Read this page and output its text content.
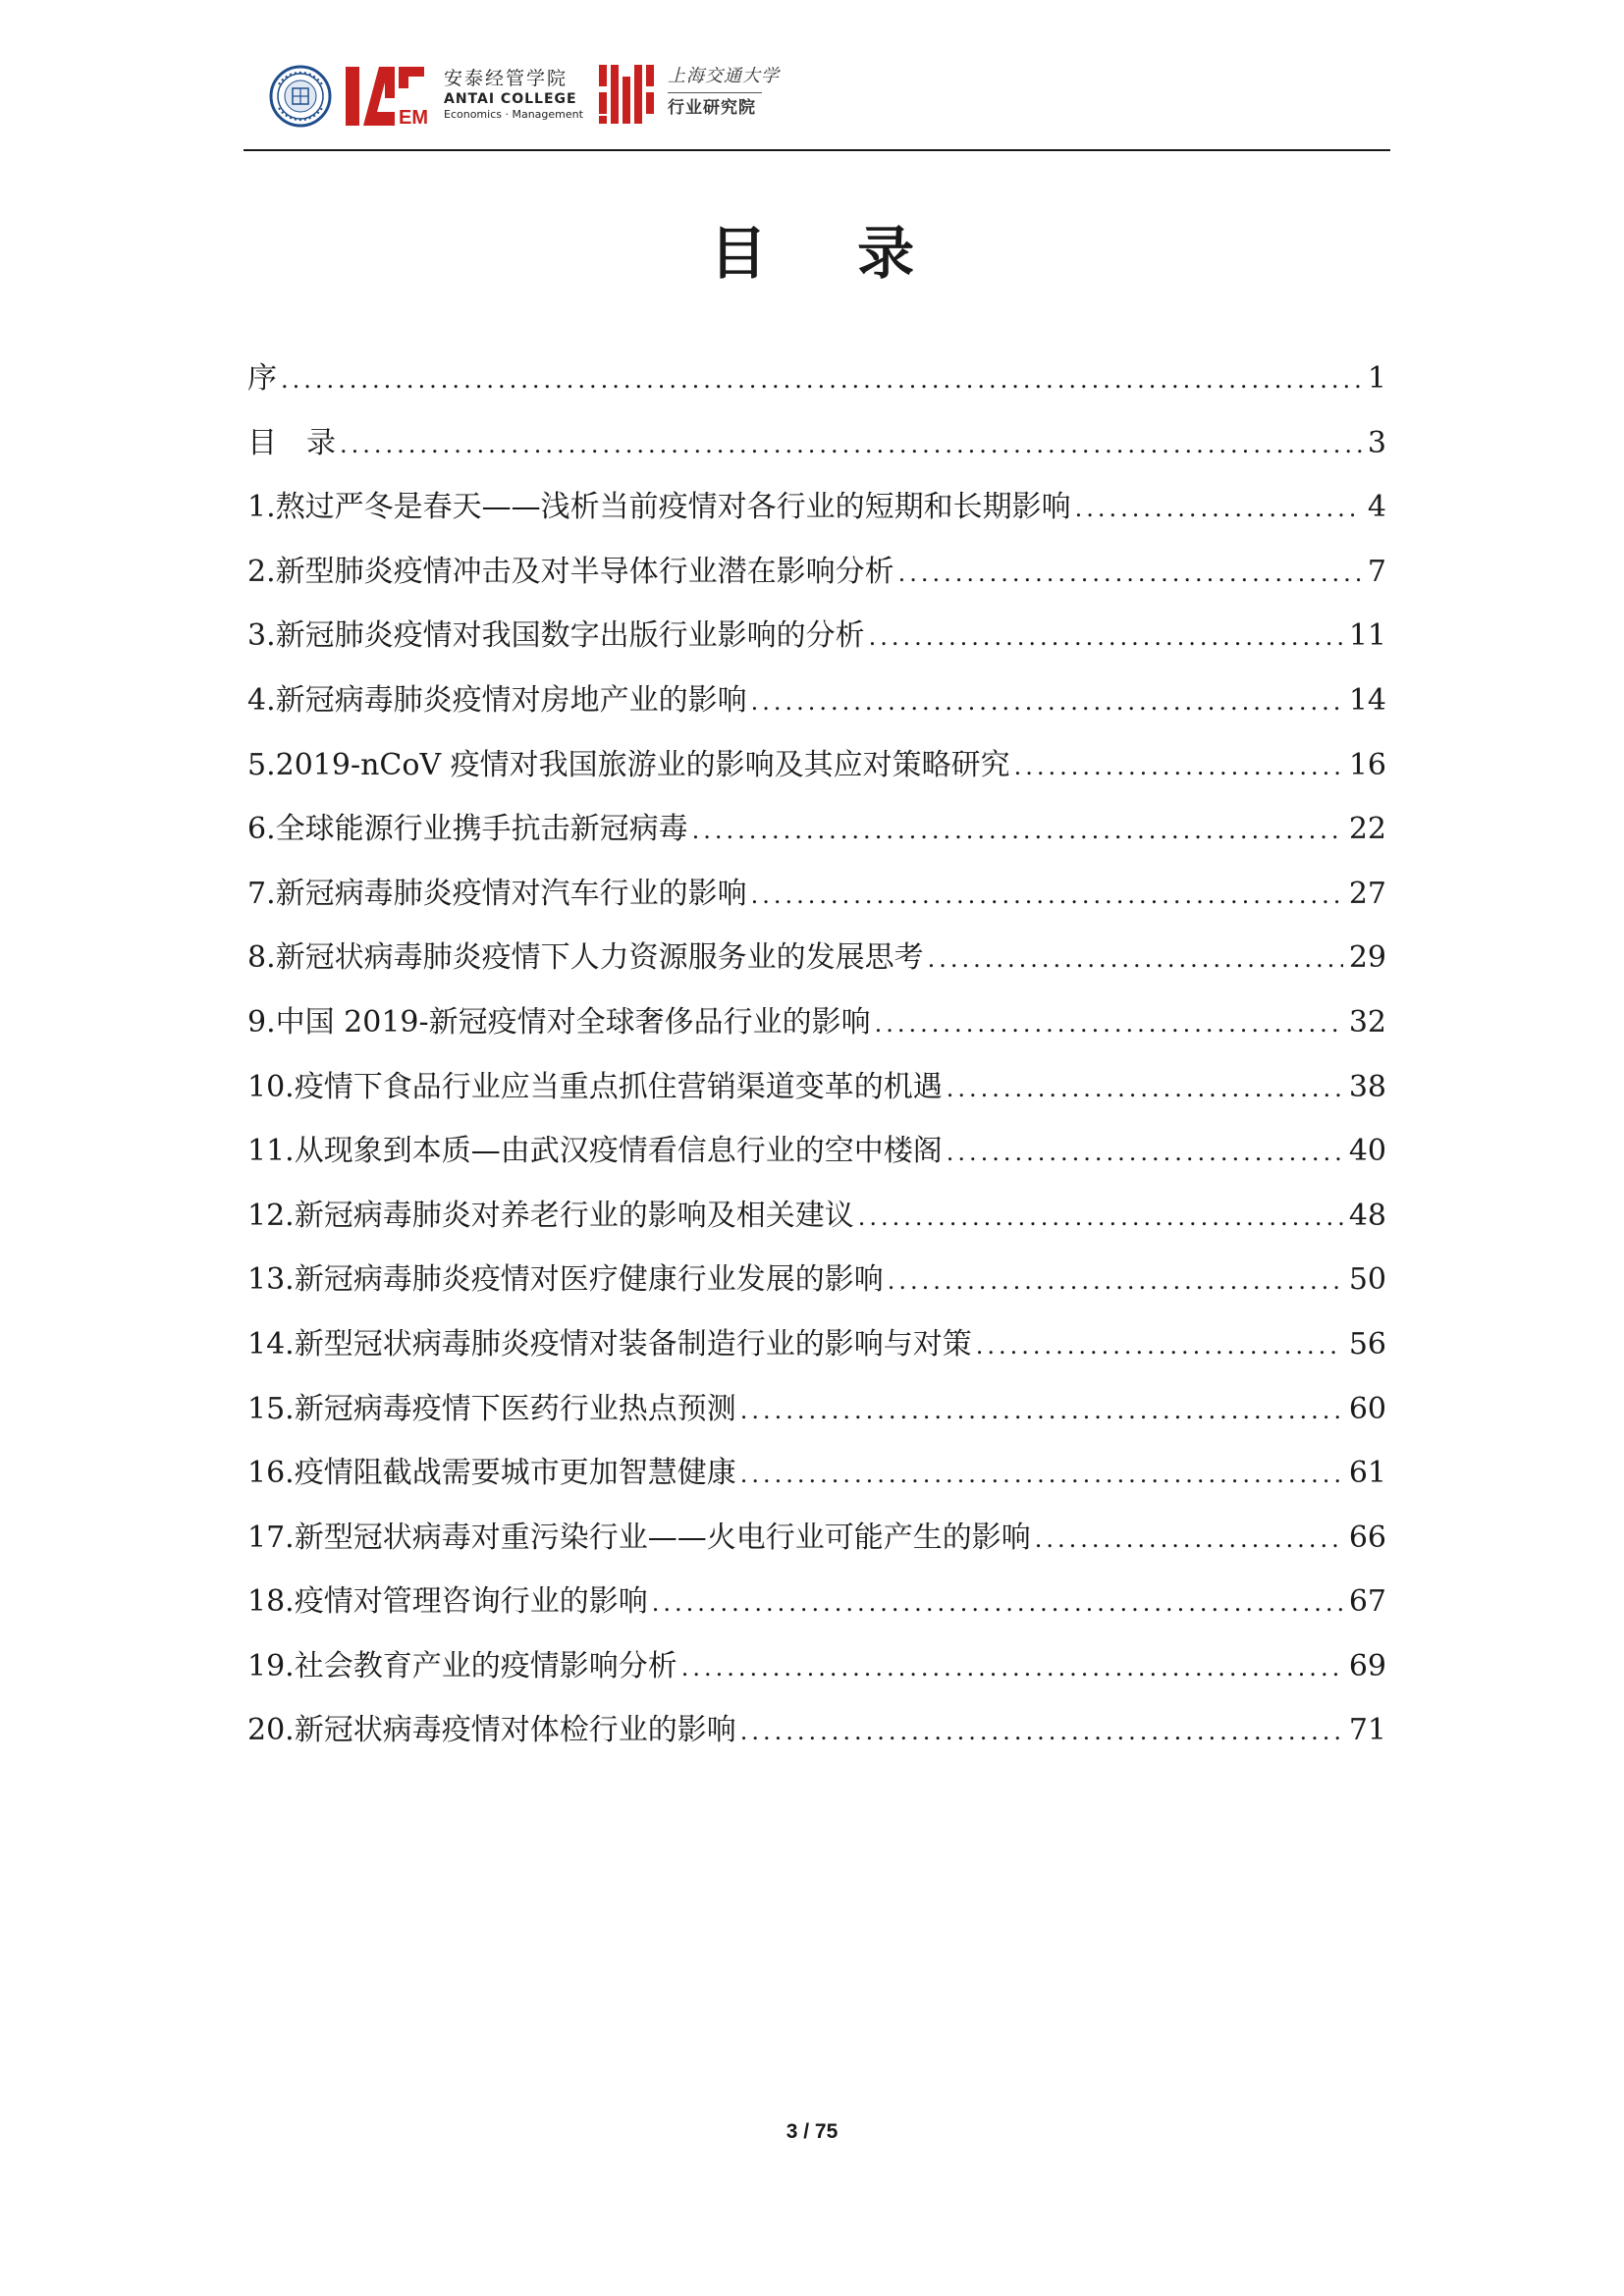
EM
安泰经管学院
ANTAI COLLEGE
Economics · Management
上海交通大学
行业研究院
目 录
序 .....	1
目　录 .....	3
1.熬过严冬是春天——浅析当前疫情对各行业的短期和长期影响 .....	4
2.新型肺炎疫情冲击及对半导体行业潜在影响分析 .....	7
3.新冠肺炎疫情对我国数字出版行业影响的分析 .....	11
4.新冠病毒肺炎疫情对房地产业的影响 .....	14
5.2019-nCoV 疫情对我国旅游业的影响及其应对策略研究 .....	16
6.全球能源行业携手抗击新冠病毒 .....	22
7.新冠病毒肺炎疫情对汽车行业的影响 .....	27
8.新冠状病毒肺炎疫情下人力资源服务业的发展思考 .....	29
9.中国 2019-新冠疫情对全球奢侈品行业的影响 .....	32
10.疫情下食品行业应当重点抓住营销渠道变革的机遇 .....	38
11.从现象到本质—由武汉疫情看信息行业的空中楼阁 .....	40
12.新冠病毒肺炎对养老行业的影响及相关建议 .....	48
13.新冠病毒肺炎疫情对医疗健康行业发展的影响 .....	50
14.新型冠状病毒肺炎疫情对装备制造行业的影响与对策 .....	56
15.新冠病毒疫情下医药行业热点预测 .....	60
16.疫情阻截战需要城市更加智慧健康 .....	61
17.新型冠状病毒对重污染行业——火电行业可能产生的影响 .....	66
18.疫情对管理咨询行业的影响 .....	67
19.社会教育产业的疫情影响分析 .....	69
20.新冠状病毒疫情对体检行业的影响 .....	71
3 / 75
